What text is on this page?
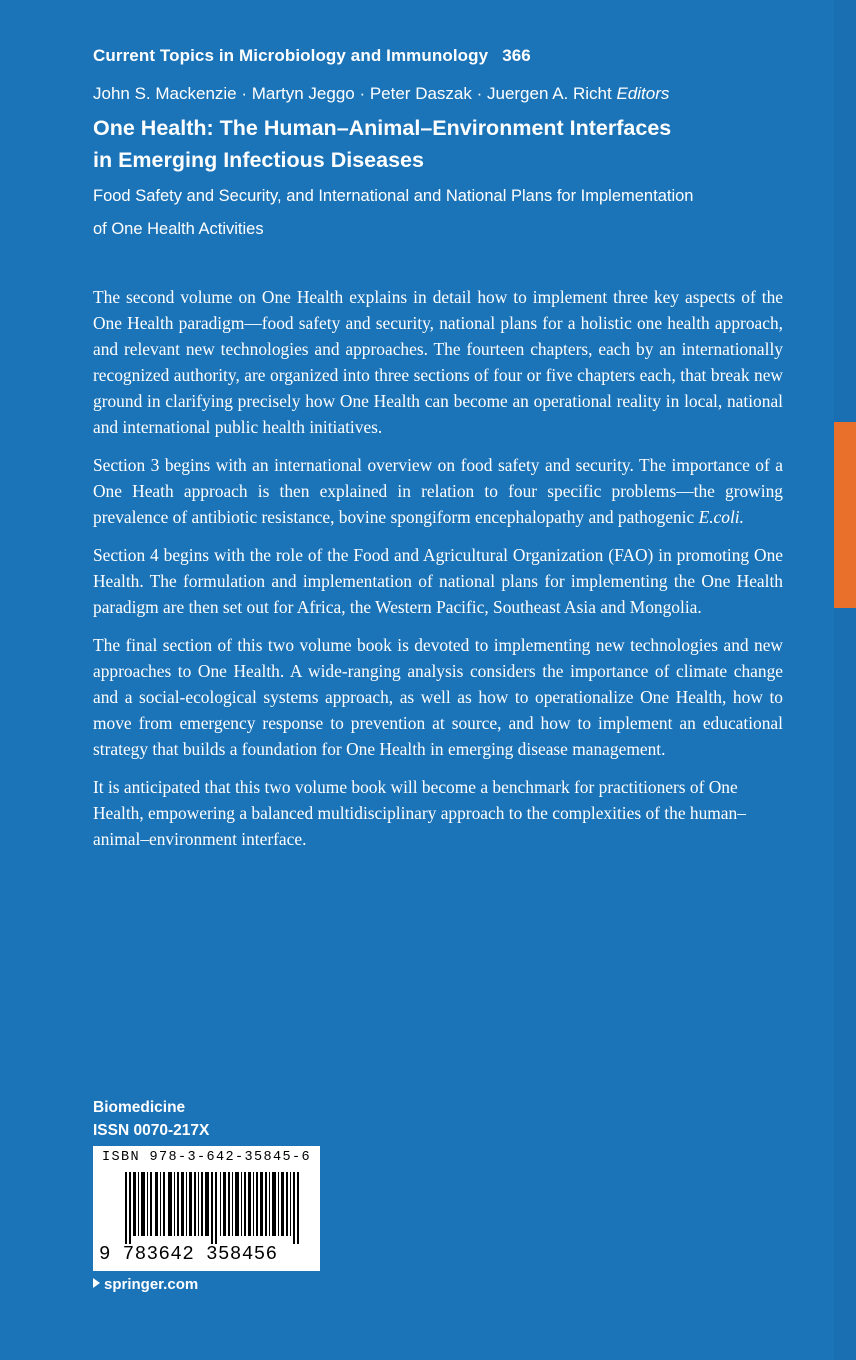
Current Topics in Microbiology and Immunology 366
John S. Mackenzie · Martyn Jeggo · Peter Daszak · Juergen A. Richt Editors
One Health: The Human–Animal–Environment Interfaces
in Emerging Infectious Diseases
Food Safety and Security, and International and National Plans for Implementation
of One Health Activities

The second volume on One Health explains in detail how to implement three key aspects of the One Health paradigm—food safety and security, national plans for a holistic one health approach, and relevant new technologies and approaches. The fourteen chapters, each by an internationally recognized authority, are organized into three sections of four or five chapters each, that break new ground in clarifying precisely how One Health can become an operational reality in local, national and international public health initiatives.

Section 3 begins with an international overview on food safety and security. The importance of a One Heath approach is then explained in relation to four specific problems—the growing prevalence of antibiotic resistance, bovine spongiform encephalopathy and pathogenic E.coli.

Section 4 begins with the role of the Food and Agricultural Organization (FAO) in promoting One Health. The formulation and implementation of national plans for implementing the One Health paradigm are then set out for Africa, the Western Pacific, Southeast Asia and Mongolia.

The final section of this two volume book is devoted to implementing new technologies and new approaches to One Health. A wide-ranging analysis considers the importance of climate change and a social-ecological systems approach, as well as how to operationalize One Health, how to move from emergency response to prevention at source, and how to implement an educational strategy that builds a foundation for One Health in emerging disease management.

It is anticipated that this two volume book will become a benchmark for practitioners of One Health, empowering a balanced multidisciplinary approach to the complexities of the human–animal–environment interface.

Biomedicine
ISSN 0070-217X
ISBN 978-3-642-35845-6
9 783642 358456
springer.com
